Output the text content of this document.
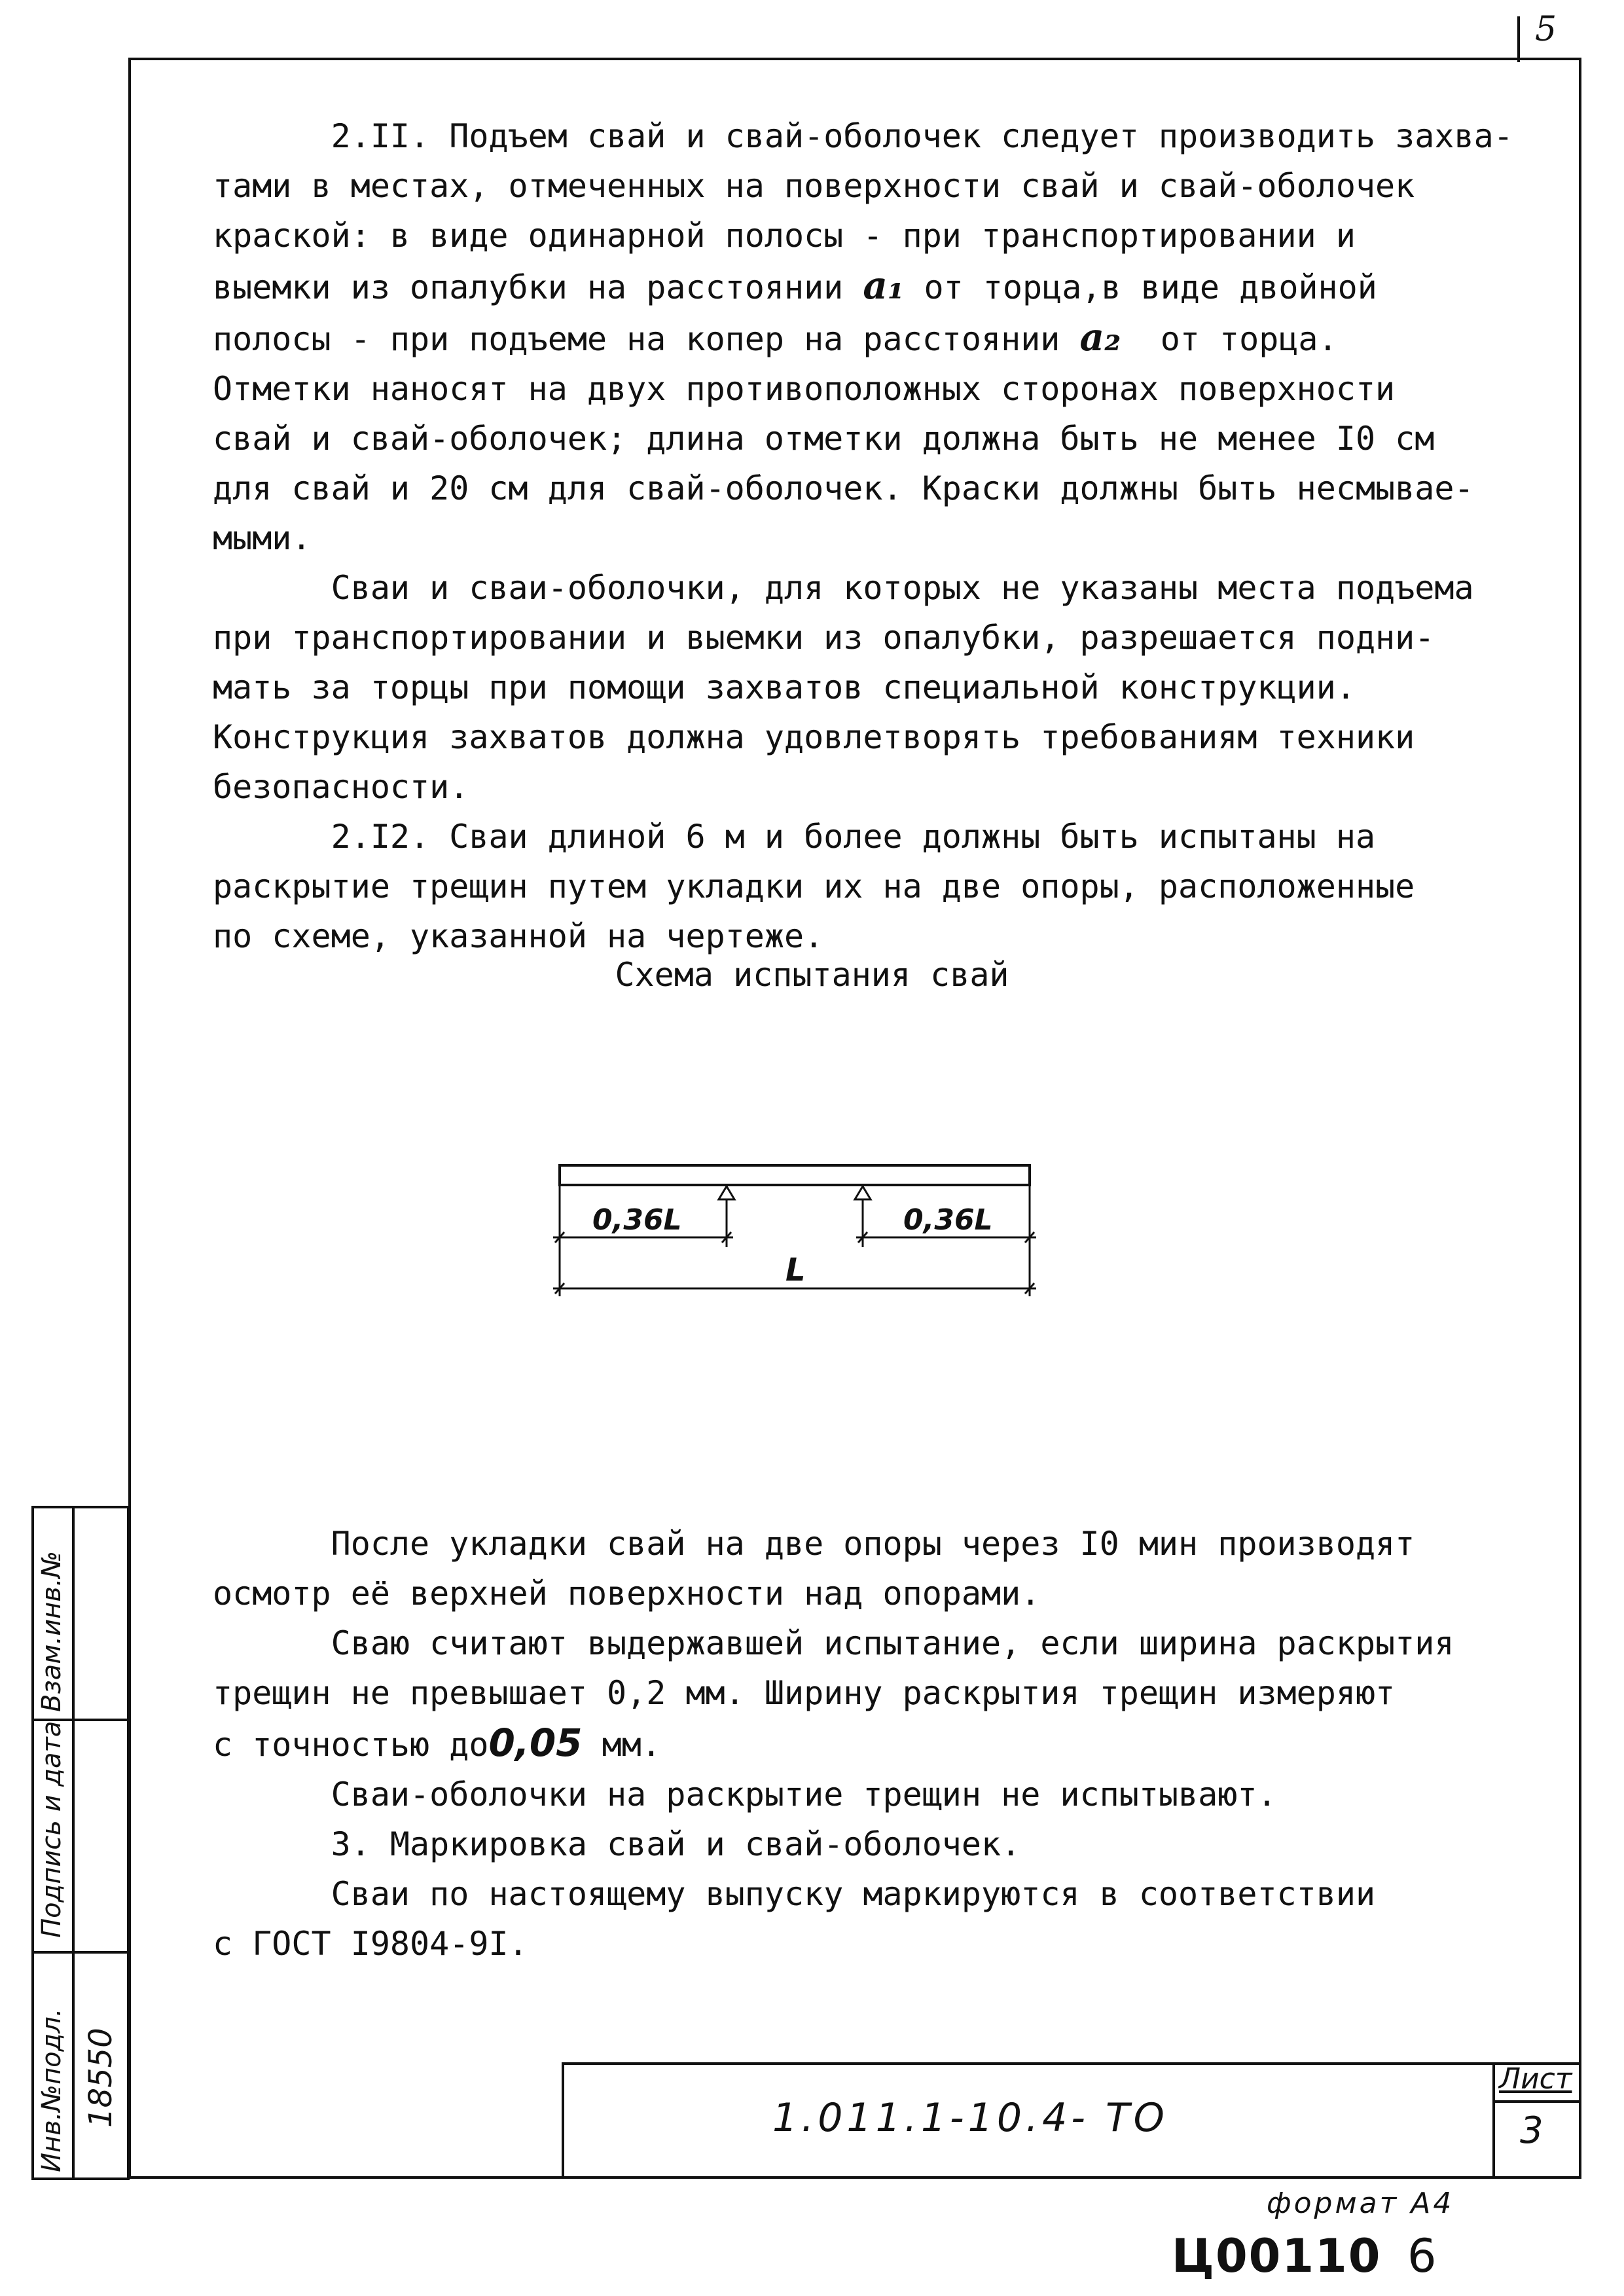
5

2.II. Подъем свай и свай-оболочек следует производить захва-

тами в местах, отмеченных на поверхности свай и свай-оболочек

краской: в виде одинарной полосы - при транспортировании и

выемки из опалубки на расстоянии a₁ от торца,в виде двойной

полосы - при подъеме на копер на расстоянии a₂  от торца.

Отметки наносят на двух противоположных сторонах поверхности

свай и свай-оболочек; длина отметки должна быть не менее I0 см

для свай и 20 см для свай-оболочек. Краски должны быть несмывае-

мыми.

Сваи и сваи-оболочки, для которых не указаны места подъема

при транспортировании и выемки из опалубки, разрешается подни-

мать за торцы при помощи захватов специальной конструкции.

Конструкция захватов должна удовлетворять требованиям техники

безопасности.

2.I2. Сваи длиной 6 м и более должны быть испытаны на

раскрытие трещин путем укладки их на две опоры, расположенные

по схеме, указанной на чертеже.

Схема испытания свай
0,36L	0,36L
L

После укладки свай на две опоры через I0 мин производят

осмотр её верхней поверхности над опорами.

Сваю считают выдержавшей испытание, если ширина раскрытия

трещин не превышает 0,2 мм. Ширину раскрытия трещин измеряют

с точностью до0,05 мм.

Сваи-оболочки на раскрытие трещин не испытывают.

3. Маркировка свай и свай-оболочек.

Сваи по настоящему выпуску маркируются в соответствии

с ГОСТ I9804-9I.

Взам.инв.№
Подпись и дата
Инв.№подл. 18550	1.011.1-10.4- ТО
Лист
3
формат А4
Ц00110 6
